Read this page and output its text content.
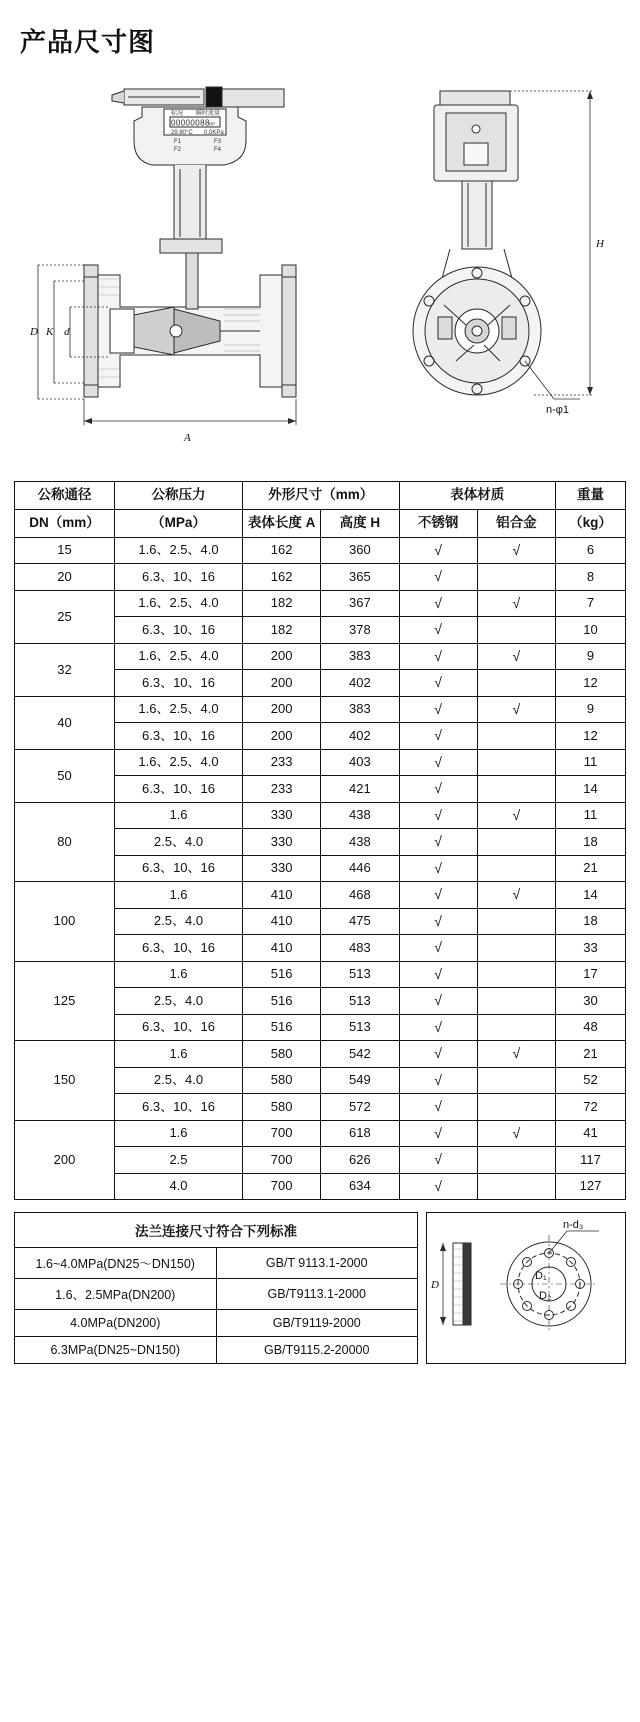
产品尺寸图
标况 瞬时流量
00000088 m³
29.80°C 0.0KPa
F1
F2
F3
F4
D K d
A
H
n-φ1
公称通径	公称压力	外形尺寸（mm）		表体材质		重量
DN（mm）	（MPa）	表体长度 A	高度 H	不锈钢	铝合金	（kg）
15	1.6、2.5、4.0	162	360	√	√	6
20	6.3、10、16	162	365	√		8
25	1.6、2.5、4.0	182	367	√	√	7
	6.3、10、16	182	378	√		10
32	1.6、2.5、4.0	200	383	√	√	9
	6.3、10、16	200	402	√		12
40	1.6、2.5、4.0	200	383	√	√	9
	6.3、10、16	200	402	√		12
50	1.6、2.5、4.0	233	403	√		11
	6.3、10、16	233	421	√		14
80	1.6	330	438	√	√	11
	2.5、4.0	330	438	√		18
	6.3、10、16	330	446	√		21
100	1.6	410	468	√	√	14
	2.5、4.0	410	475	√		18
	6.3、10、16	410	483	√		33
125	1.6	516	513	√		17
	2.5、4.0	516	513	√		30
	6.3、10、16	516	513	√		48
150	1.6	580	542	√	√	21
	2.5、4.0	580	549	√		52
	6.3、10、16	580	572	√		72
200	1.6	700	618	√	√	41
	2.5	700	626	√		117
	4.0	700	634	√		127
法兰连接尺寸符合下列标准	
1.6~4.0MPa(DN25～DN150)	GB/T 9113.1-2000
1.6、2.5MPa(DN200)	GB/T9113.1-2000
4.0MPa(DN200)	GB/T9119-2000
6.3MPa(DN25~DN150)	GB/T9115.2-20000
n-d₃
D
D₁
D₂
